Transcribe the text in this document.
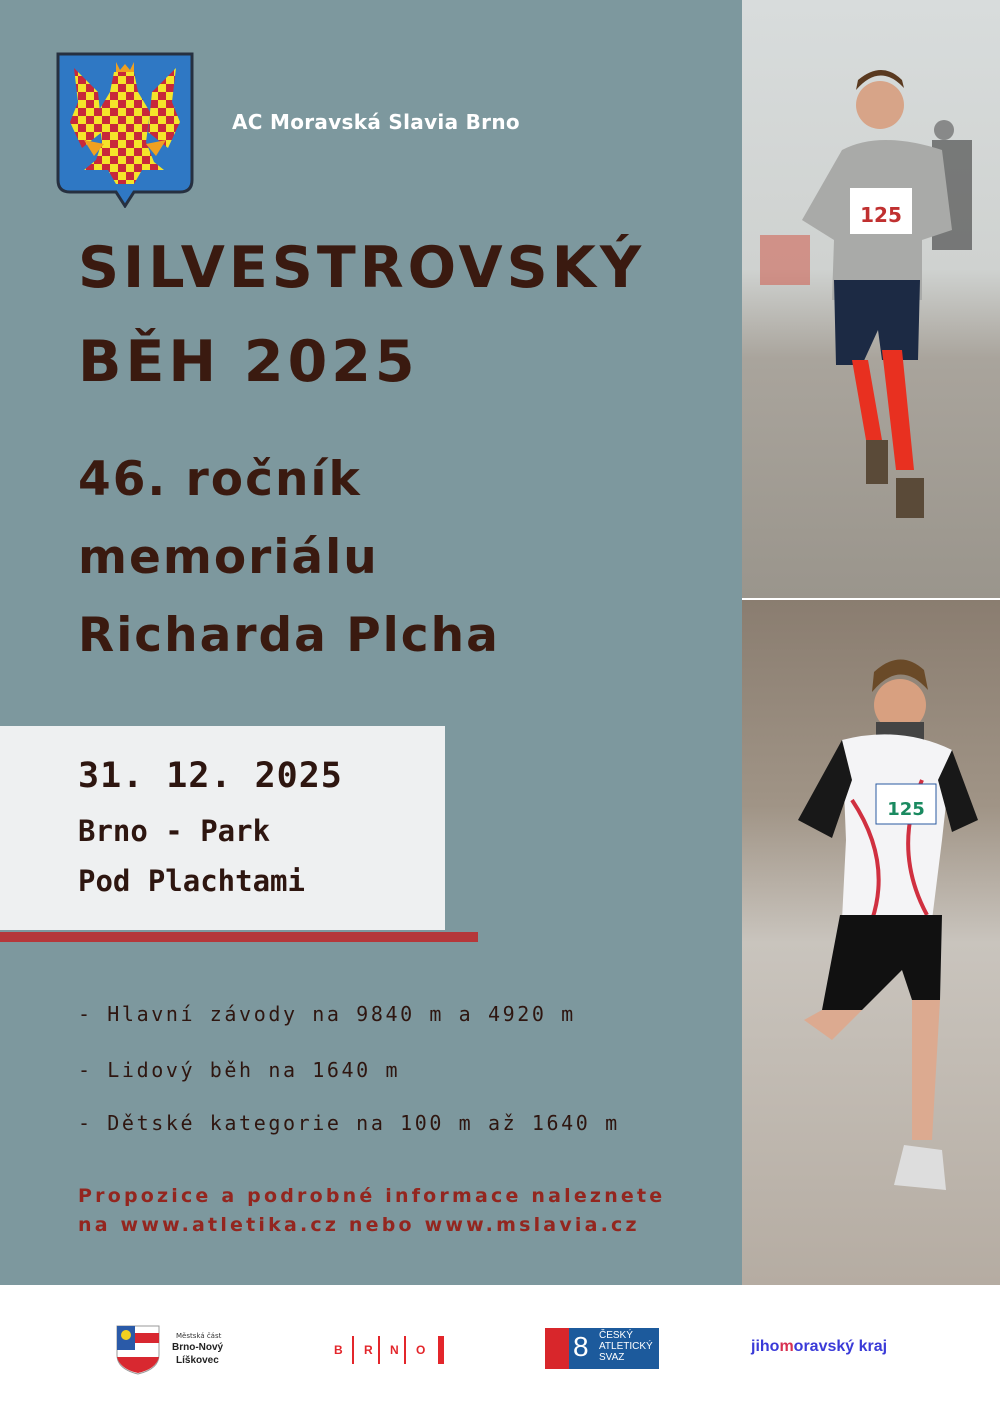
AC Moravská Slavia Brno
SILVESTROVSKÝ
BĚH 2025
46. ročník
memoriálu
Richarda Plcha
31. 12. 2025
Brno - Park
Pod Plachtami
- Hlavní závody na 9840 m a 4920 m
- Lidový běh na 1640 m
- Dětské kategorie na 100 m až 1640 m
Propozice a podrobné informace naleznete
na www.atletika.cz nebo www.mslavia.cz
125
125
Městská část
Brno-Nový
Líškovec
B	R	N	O	8 ČESKÝ
ATLETICKÝ
SVAZ
jihomoravský kraj
